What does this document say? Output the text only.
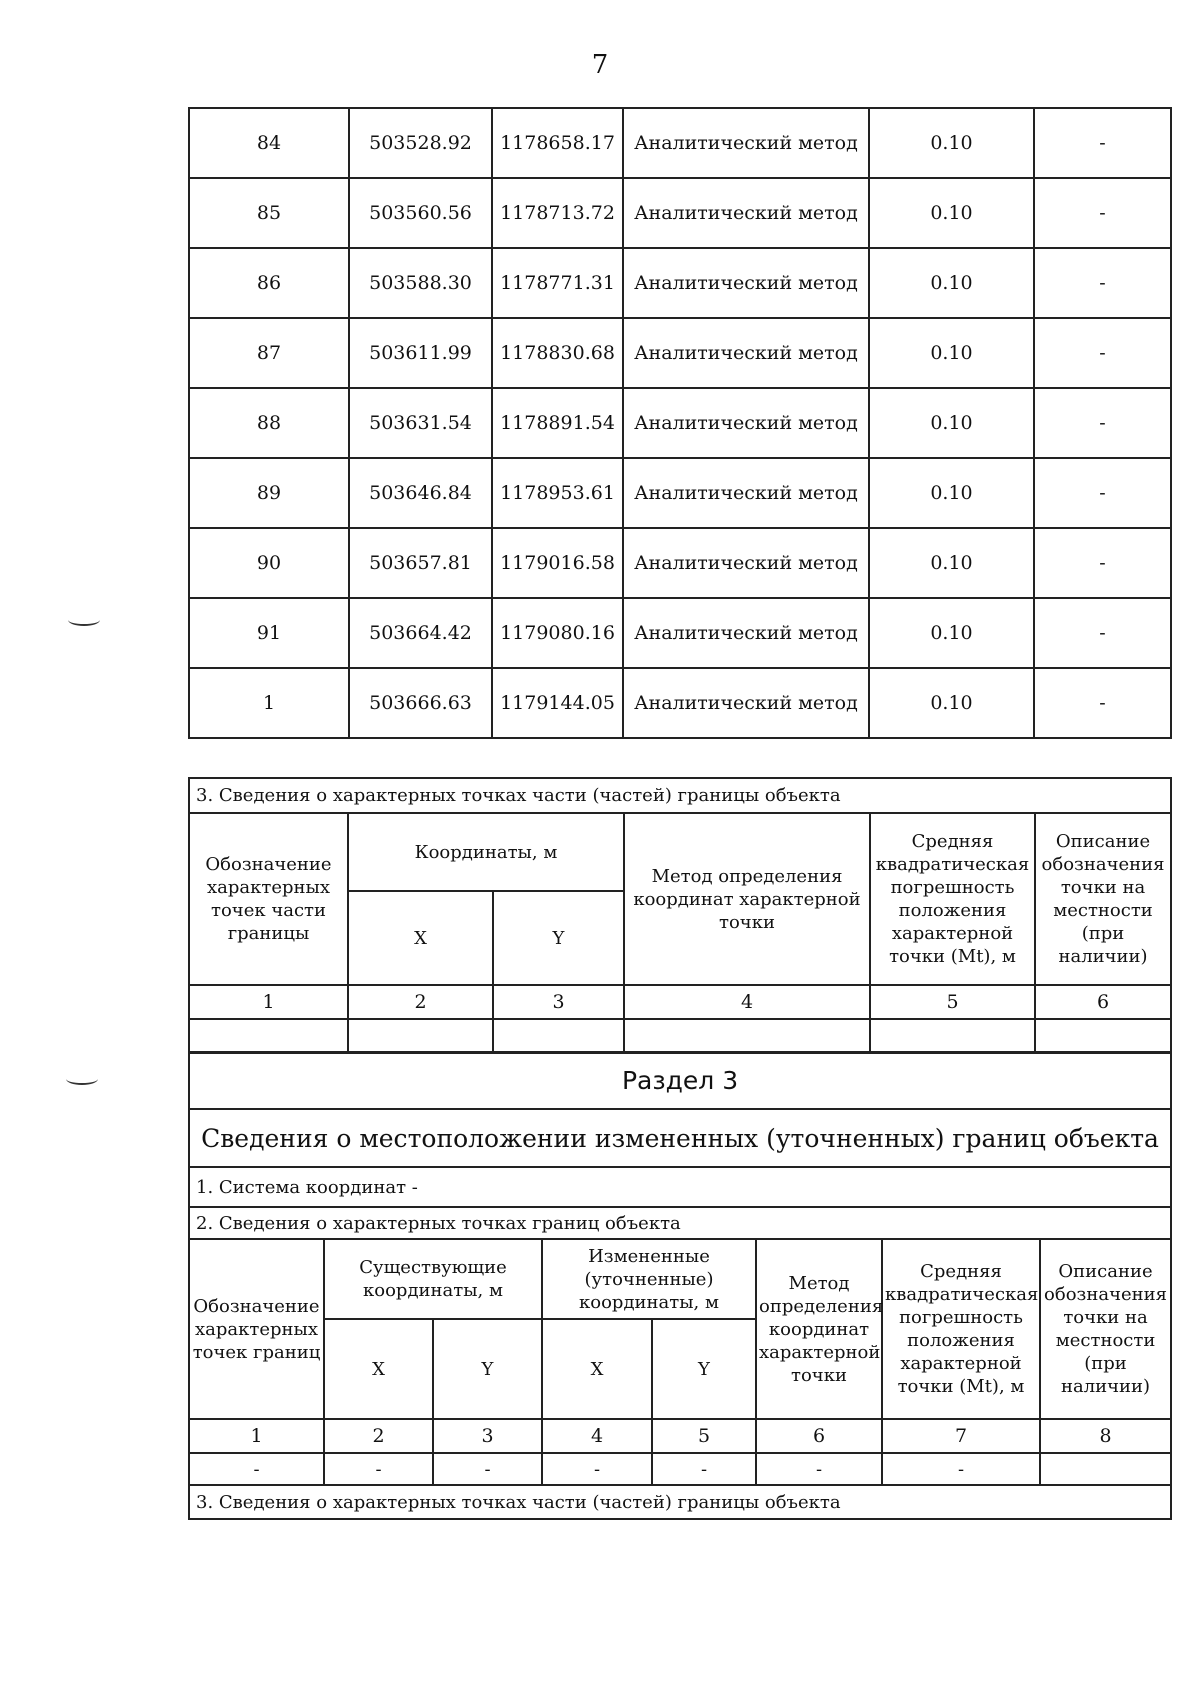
7
84	503528.92	1178658.17	Аналитический метод	0.10	-
85	503560.56	1178713.72	Аналитический метод	0.10	-
86	503588.30	1178771.31	Аналитический метод	0.10	-
87	503611.99	1178830.68	Аналитический метод	0.10	-
88	503631.54	1178891.54	Аналитический метод	0.10	-
89	503646.84	1178953.61	Аналитический метод	0.10	-
90	503657.81	1179016.58	Аналитический метод	0.10	-
91	503664.42	1179080.16	Аналитический метод	0.10	-
1	503666.63	1179144.05	Аналитический метод	0.10	-
3. Сведения о характерных точках части (частей) границы объекта					
Обозначение характерных точек части границы	Координаты, м		Метод определения координат характерной точки	Средняя квадратическая погрешность положения характерной точки (Mt), м	Описание обозначения точки на местности (при наличии)
	X	Y			
1	2	3	4	5	6

Раздел 3							
Сведения о местоположении измененных (уточненных) границ объекта							
1. Система координат -							
2. Сведения о характерных точках границ объекта							
Обозначение характерных точек границ	Существующие координаты, м		Измененные (уточненные) координаты, м		Метод определения координат характерной точки	Средняя квадратическая погрешность положения характерной точки (Mt), м	Описание обозначения точки на местности (при наличии)
	X	Y	X	Y			
1	2	3	4	5	6	7	8
-	-	-	-	-	-	-	
3. Сведения о характерных точках части (частей) границы объекта							
